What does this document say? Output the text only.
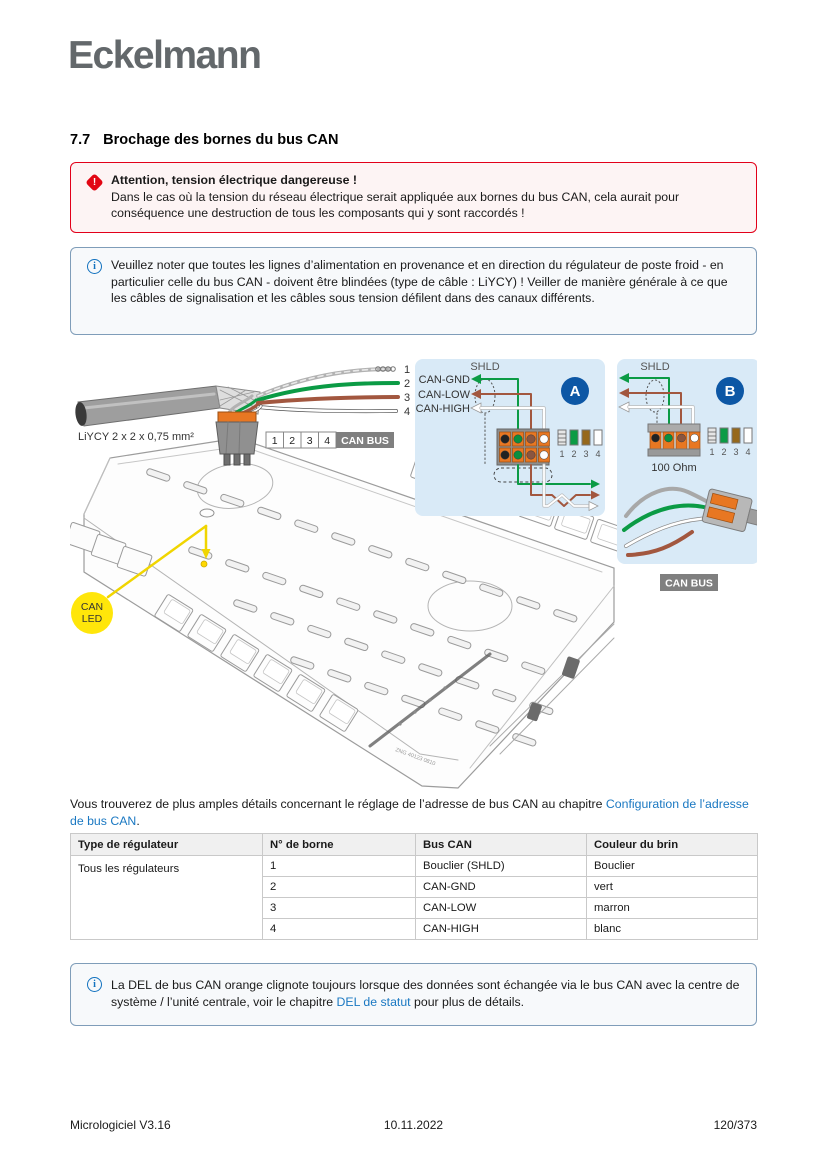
Eckelmann
7.7 Brochage des bornes du bus CAN
!	Attention, tension électrique dangereuse !
Dans le cas où la tension du réseau électrique serait appliquée aux bornes du bus CAN, cela aurait pour conséquence une destruction de tous les composants qui y sont raccordés !
i	Veuillez noter que toutes les lignes d’alimentation en provenance et en direction du régulateur de poste froid - en particulier celle du bus CAN - doivent être blindées (type de câble : LiYCY) ! Veiller de manière générale à ce que les câbles de signalisation et les câbles sous tension défilent dans des canaux différents.
ZNG 40123 0810
CAN
LED
1
2
3
4
LiYCY 2 x 2 x 0,75 mm²	1 2 3 4 CAN BUS
A
SHLD
CAN-GND
CAN-LOW
CAN-HIGH
1 2 3 4
B
SHLD
100 Ohm
1 2 3 4
CAN BUS
Vous trouverez de plus amples détails concernant le réglage de l’adresse de bus CAN au chapitre Configuration de l’adresse de bus CAN.
Type de régulateur	N° de borne	Bus CAN	Couleur du brin
Tous les régulateurs	1	Bouclier (SHLD)	Bouclier
	2	CAN-GND	vert
	3	CAN-LOW	marron
	4	CAN-HIGH	blanc
i	La DEL de bus CAN orange clignote toujours lorsque des données sont échangée via le bus CAN avec la centre de système / l’unité centrale, voir le chapitre DEL de statut pour plus de détails.
Micrologiciel V3.16	10.11.2022	120/373
